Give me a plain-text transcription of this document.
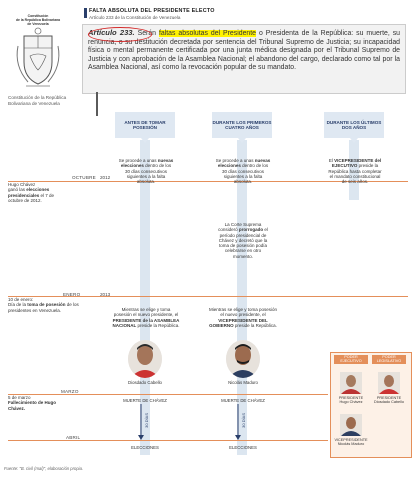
FALTA ABSOLUTA DEL PRESIDENTE ELECTO
Artículo 233 de la Constitución de Venezuela
Constitución
de la República Bolivariana
de Venezuela
Constitución de la República Bolivariana de Venezuela
Artículo 233. Serán faltas absolutas del Presidente o Presidenta de la República: su muerte, su renuncia, o su destitución decretada por sentencia del Tribunal Supremo de Justicia; su incapacidad física o mental permanente certificada por una junta médica designada por el Tribunal Supremo de Justicia y con aprobación de la Asamblea Nacional; el abandono del cargo, declarado como tal por la Asamblea Nacional, así como la revocación popular de su mandato.
ANTES DE TOMAR POSESIÓN
DURANTE LOS PRIMEROS CUATRO AÑOS
DURANTE LOS ÚLTIMOS DOS AÑOS
OCTUBRE 2012
ENERO	2013
MARZO
ABRIL
Hugo Chávez
ganó las elecciones presidenciales el 7 de octubre de 2012.
10 de enero:
Día de la toma de posesión de los presidentes en Venezuela.
5 de marzo
Fallecimiento de Hugo Chávez.
Se procede a unas nuevas elecciones dentro de los 30 días consecutivos siguientes a la falta absoluta.
Mientras se elige y toma posesión el nuevo presidente, el PRESIDENTE de la ASAMBLEA NACIONAL preside la República.
Se procede a unas nuevas elecciones dentro de los 30 días consecutivos siguientes a la falta absoluta.
La Corte Suprema consideró prorrogado el período presidencial de Chávez y decretó que la toma de posesión podía celebrarse en otro momento.
Mientras se elige y toma posesión el nuevo presidente, el VICEPRESIDENTE DEL GOBIERNO preside la República.
El VICEPRESIDENTE del EJECUTIVO preside la República hasta completar el mandato constitucional de seis años.
Diosdado Cabello	Nicolás Maduro
MUERTE DE CHÁVEZ	MUERTE DE CHÁVEZ
30 DÍAS	30 DÍAS
ELECCIONES	ELECCIONES
PODER EJECUTIVO
PODER LEGISLATIVO
PRESIDENTE
Hugo Chávez
PRESIDENTE
Diosdado Cabello
VICEPRESIDENTE
Nicolás Maduro
Fuente: "B. civil (mal)", elaboración propia.
